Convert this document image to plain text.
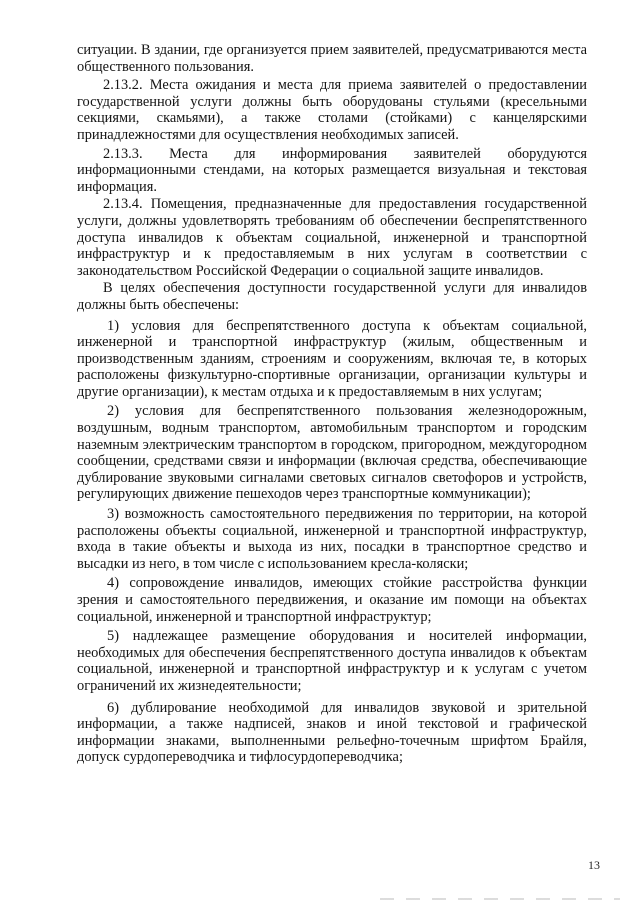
ситуации. В здании, где организуется прием заявителей, предусматриваются места общественного пользования.

2.13.2. Места ожидания и места для приема заявителей о предоставлении государственной услуги должны быть оборудованы стульями (кресельными секциями, скамьями), а также столами (стойками) с канцелярскими принадлежностями для осуществления необходимых записей.

2.13.3. Места для информирования заявителей оборудуются информационными стендами, на которых размещается визуальная и текстовая информация.

2.13.4. Помещения, предназначенные для предоставления государственной услуги, должны удовлетворять требованиям об обеспечении беспрепятственного доступа инвалидов к объектам социальной, инженерной и транспортной инфраструктур и к предоставляемым в них услугам в соответствии с законодательством Российской Федерации о социальной защите инвалидов.

В целях обеспечения доступности государственной услуги для инвалидов должны быть обеспечены:

1) условия для беспрепятственного доступа к объектам социальной, инженерной и транспортной инфраструктур (жилым, общественным и производственным зданиям, строениям и сооружениям, включая те, в которых расположены физкультурно-спортивные организации, организации культуры и другие организации), к местам отдыха и к предоставляемым в них услугам;

2) условия для беспрепятственного пользования железнодорожным, воздушным, водным транспортом, автомобильным транспортом и городским наземным электрическим транспортом в городском, пригородном, междугородном сообщении, средствами связи и информации (включая средства, обеспечивающие дублирование звуковыми сигналами световых сигналов светофоров и устройств, регулирующих движение пешеходов через транспортные коммуникации);

3) возможность самостоятельного передвижения по территории, на которой расположены объекты социальной, инженерной и транспортной инфраструктур, входа в такие объекты и выхода из них, посадки в транспортное средство и высадки из него, в том числе с использованием кресла-коляски;

4) сопровождение инвалидов, имеющих стойкие расстройства функции зрения и самостоятельного передвижения, и оказание им помощи на объектах социальной, инженерной и транспортной инфраструктур;

5) надлежащее размещение оборудования и носителей информации, необходимых для обеспечения беспрепятственного доступа инвалидов к объектам социальной, инженерной и транспортной инфраструктур и к услугам с учетом ограничений их жизнедеятельности;

6) дублирование необходимой для инвалидов звуковой и зрительной информации, а также надписей, знаков и иной текстовой и графической информации знаками, выполненными рельефно-точечным шрифтом Брайля, допуск сурдопереводчика и тифлосурдопереводчика;

13
